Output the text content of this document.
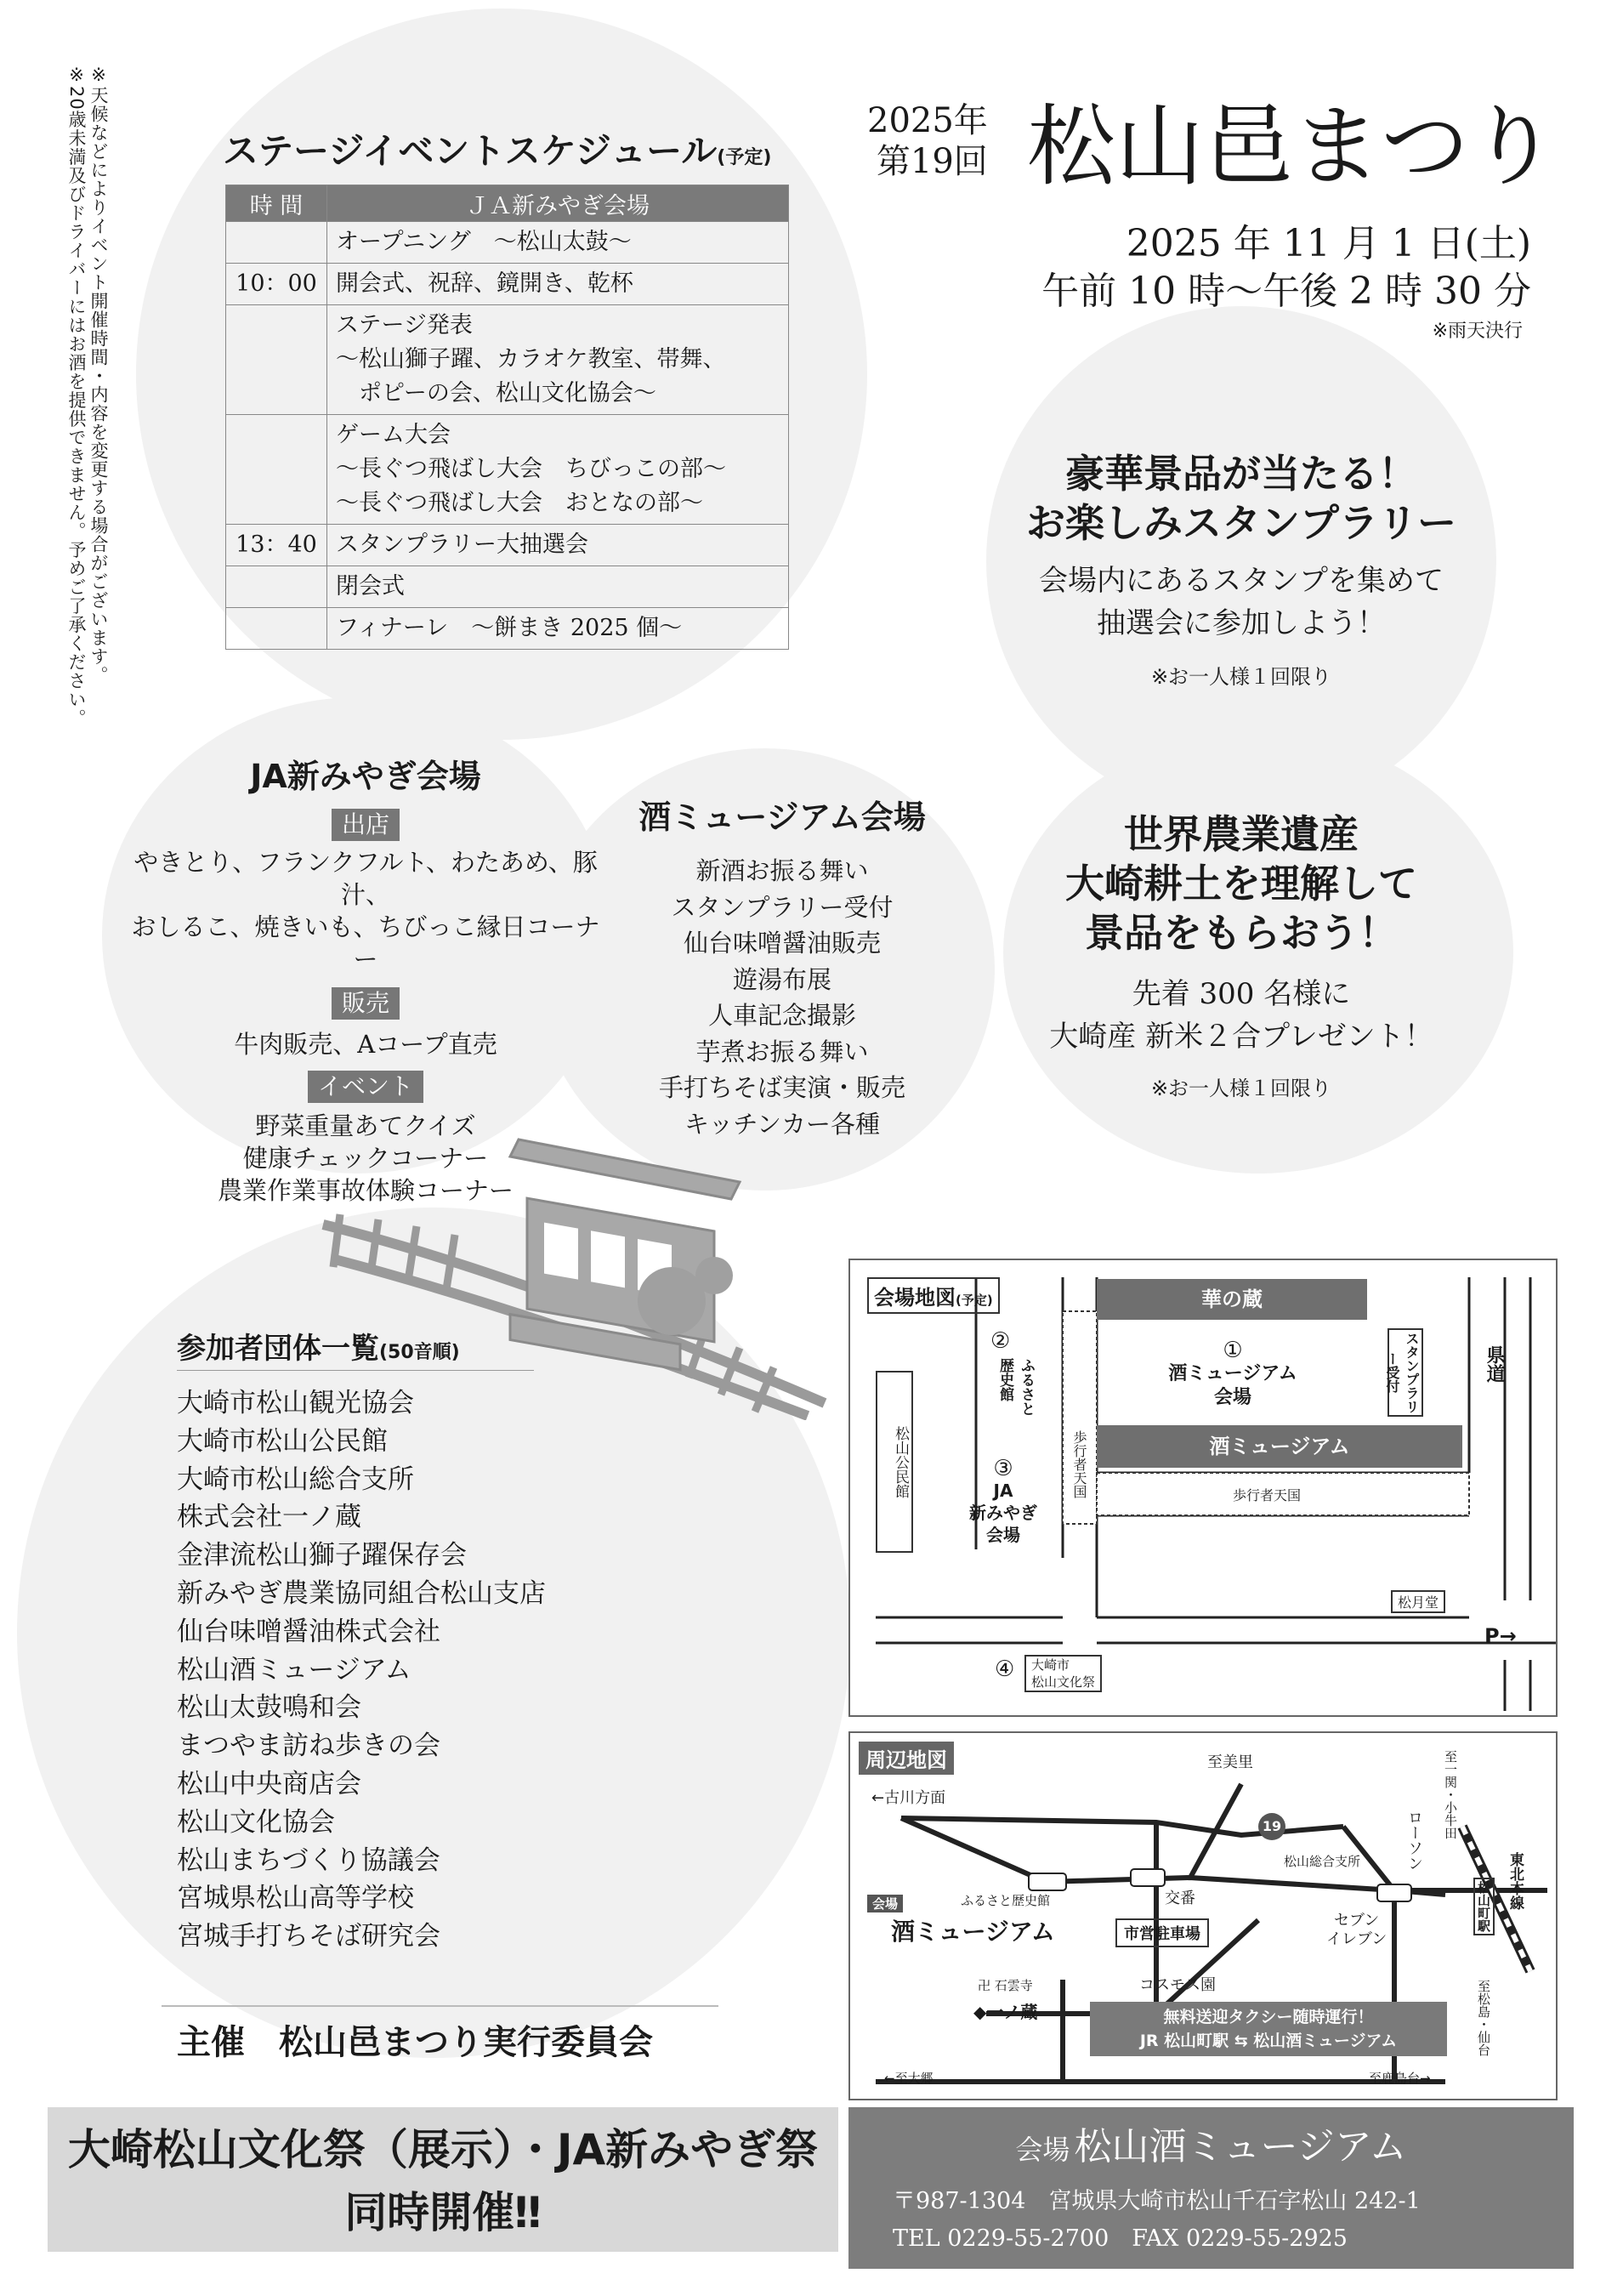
※天候などによりイベント開催時間・内容を変更する場合がございます。
※20歳未満及びドライバーにはお酒を提供できません。予めご了承ください。	2025年
第19回 松山邑まつり
2025 年 11 月 1 日(土)
午前 10 時〜午後 2 時 30 分
※雨天決行
ステージイベントスケジュール(予定)
時 間	ＪＡ新みやぎ会場

	オープニング　～松山太鼓～

10：00	開会式、祝辞、鏡開き、乾杯

	ステージ発表
～松山獅子躍、カラオケ教室、帯舞、
　ポピーの会、松山文化協会～

	ゲーム大会
～長ぐつ飛ばし大会　ちびっこの部～
～長ぐつ飛ばし大会　おとなの部～

13：40	スタンプラリー大抽選会

	閉会式

	フィナーレ　～餅まき 2025 個～
豪華景品が当たる！
お楽しみスタンプラリー
会場内にあるスタンプを集めて
抽選会に参加しよう！
※お一人様１回限り
世界農業遺産
大崎耕土を理解して
景品をもらおう！
先着 300 名様に
大崎産 新米２合プレゼント！
※お一人様１回限り
JA新みやぎ会場
出店
やきとり、フランクフルト、わたあめ、豚汁、
おしるこ、焼きいも、ちびっこ縁日コーナー
販売
牛肉販売、Aコープ直売
イベント
野菜重量あてクイズ
健康チェックコーナー
農業作業事故体験コーナー
酒ミュージアム会場
新酒お振る舞い
スタンプラリー受付
仙台味噌醤油販売
遊湯布展
人車記念撮影
芋煮お振る舞い
手打ちそば実演・販売
キッチンカー各種
参加者団体一覧(50音順)
大崎市松山観光協会
大崎市松山公民館
大崎市松山総合支所
株式会社一ノ蔵
金津流松山獅子躍保存会
新みやぎ農業協同組合松山支店
仙台味噌醤油株式会社
松山酒ミュージアム
松山太鼓鳴和会
まつやま訪ね歩きの会
松山中央商店会
松山文化協会
松山まちづくり協議会
宮城県松山高等学校
宮城手打ちそば研究会
主催　松山邑まつり実行委員会
会場地図(予定)	華の蔵
①
酒ミュージアム
会場	スタンプラリー受付
酒ミュージアム
②
ふるさと歴史館
松山公民館	歩行者天国	歩行者天国
③
JA
新みやぎ
会場
県道
P→
松月堂
④ 大崎市
松山文化祭
周辺地図
←古川方面
至美里
19
松山総合支所
交番
ローソン
至一関・小牛田
松山町駅 東北本線
至松島・仙台
会場	ふるさと歴史館
酒ミュージアム	市営駐車場
セブン
イレブン
卍 石雲寺
◆一ノ蔵
コスモス園
無料送迎タクシー随時運行！
JR 松山町駅 ⇆ 松山酒ミュージアム
←至大郷	至鹿島台→
大崎松山文化祭（展示）・JA新みやぎ祭
同時開催‼
会場 松山酒ミュージアム
〒987-1304　宮城県大崎市松山千石字松山 242-1
TEL 0229-55-2700　FAX 0229-55-2925
